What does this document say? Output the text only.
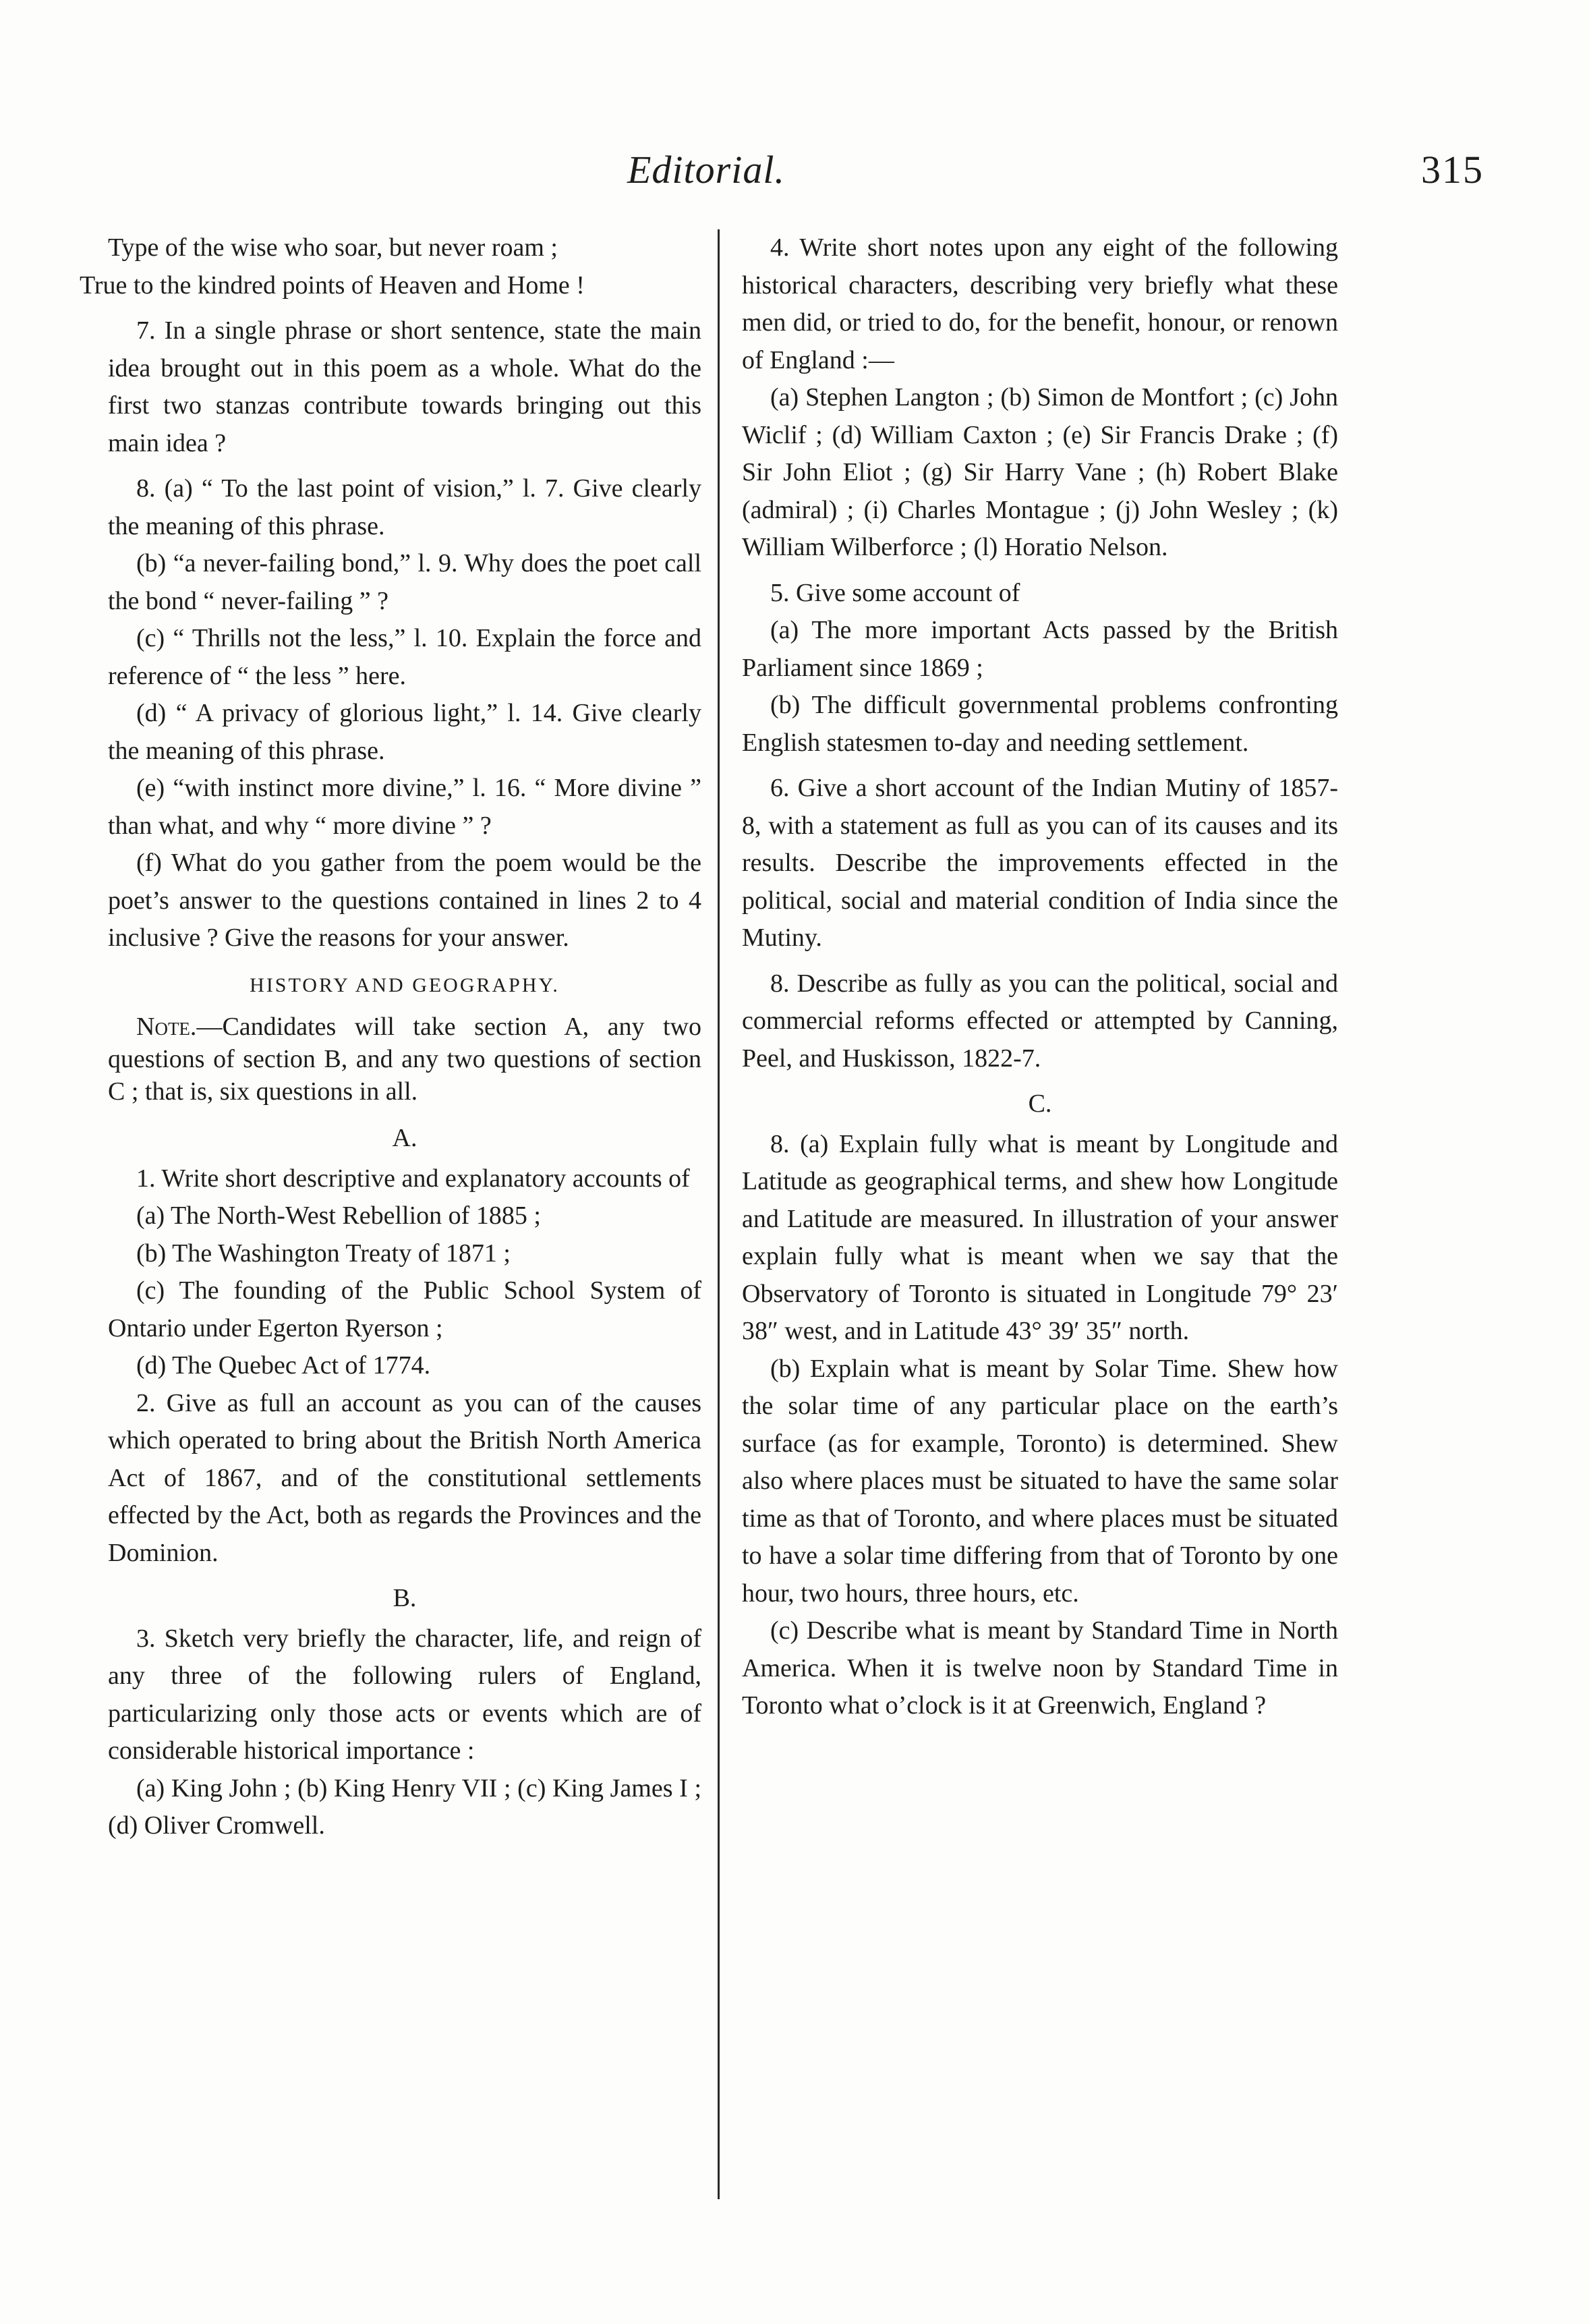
Editorial.	315

Type of the wise who soar, but never roam ;

True to the kindred points of Heaven and Home !

7. In a single phrase or short sentence, state the main idea brought out in this poem as a whole. What do the first two stanzas contribute towards bringing out this main idea ?

8. (a) “ To the last point of vision,” l. 7. Give clearly the meaning of this phrase.

(b) “a never-failing bond,” l. 9. Why does the poet call the bond “ never-failing ” ?

(c) “ Thrills not the less,” l. 10. Explain the force and reference of “ the less ” here.

(d) “ A privacy of glorious light,” l. 14. Give clearly the meaning of this phrase.

(e) “with instinct more divine,” l. 16. “ More divine ” than what, and why “ more divine ” ?

(f) What do you gather from the poem would be the poet’s answer to the questions contained in lines 2 to 4 inclusive ? Give the reasons for your answer.

HISTORY AND GEOGRAPHY.

Note.—Candidates will take section A, any two questions of section B, and any two questions of section C ; that is, six questions in all.

A.

1. Write short descriptive and explanatory accounts of

(a) The North-West Rebellion of 1885 ;

(b) The Washington Treaty of 1871 ;

(c) The founding of the Public School System of Ontario under Egerton Ryerson ;

(d) The Quebec Act of 1774.

2. Give as full an account as you can of the causes which operated to bring about the British North America Act of 1867, and of the constitutional settlements effected by the Act, both as regards the Provinces and the Dominion.

B.

3. Sketch very briefly the character, life, and reign of any three of the following rulers of England, particularizing only those acts or events which are of considerable historical importance :

(a) King John ; (b) King Henry VII ; (c) King James I ; (d) Oliver Cromwell.

4. Write short notes upon any eight of the following historical characters, describing very briefly what these men did, or tried to do, for the benefit, honour, or renown of England :—

(a) Stephen Langton ; (b) Simon de Montfort ; (c) John Wiclif ; (d) William Caxton ; (e) Sir Francis Drake ; (f) Sir John Eliot ; (g) Sir Harry Vane ; (h) Robert Blake (admiral) ; (i) Charles Montague ; (j) John Wesley ; (k) William Wilberforce ; (l) Horatio Nelson.

5. Give some account of

(a) The more important Acts passed by the British Parliament since 1869 ;

(b) The difficult governmental problems confronting English statesmen to-day and needing settlement.

6. Give a short account of the Indian Mutiny of 1857-8, with a statement as full as you can of its causes and its results. Describe the improvements effected in the political, social and material condition of India since the Mutiny.

8. Describe as fully as you can the political, social and commercial reforms effected or attempted by Canning, Peel, and Huskisson, 1822-7.

C.

8. (a) Explain fully what is meant by Longitude and Latitude as geographical terms, and shew how Longitude and Latitude are measured. In illustration of your answer explain fully what is meant when we say that the Observatory of Toronto is situated in Longitude 79° 23′ 38″ west, and in Latitude 43° 39′ 35″ north.

(b) Explain what is meant by Solar Time. Shew how the solar time of any particular place on the earth’s surface (as for example, Toronto) is determined. Shew also where places must be situated to have the same solar time as that of Toronto, and where places must be situated to have a solar time differing from that of Toronto by one hour, two hours, three hours, etc.

(c) Describe what is meant by Standard Time in North America. When it is twelve noon by Standard Time in Toronto what o’clock is it at Greenwich, England ?
